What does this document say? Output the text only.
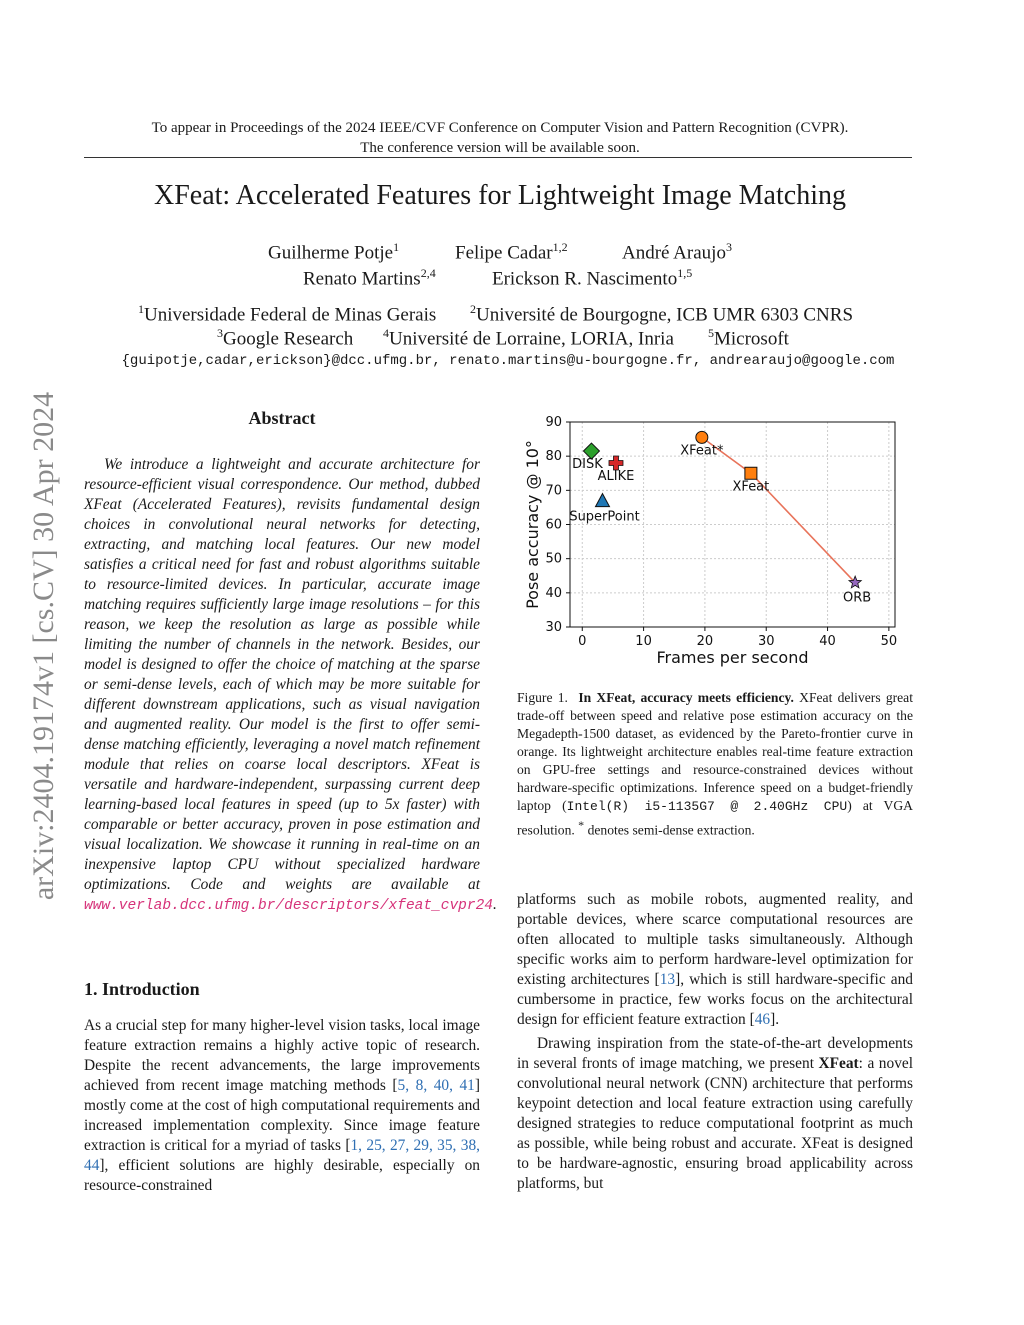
To appear in Proceedings of the 2024 IEEE/CVF Conference on Computer Vision and Pattern Recognition (CVPR).
The conference version will be available soon.
XFeat: Accelerated Features for Lightweight Image Matching
Guilherme Potje$^1$	Felipe Cadar$^{1,2}$	André Araujo$^3$
Renato Martins$^{2,4}$	Erickson R. Nascimento$^{1,5}$
$^1$Universidade Federal de Minas Gerais	$^2$Université de Bourgogne, ICB UMR 6303 CNRS
$^3$Google Research $^4$Université de Lorraine, LORIA, Inria	$^5$Microsoft
{guipotje,cadar,erickson}@dcc.ufmg.br, renato.martins@u-bourgogne.fr, andrearaujo@google.com
arXiv:2404.19174v1 [cs.CV] 30 Apr 2024	Abstract
We introduce a lightweight and accurate architecture for resource-efficient visual correspondence. Our method, dubbed XFeat (Accelerated Features), revisits fundamental design choices in convolutional neural networks for detecting, extracting, and matching local features. Our new model satisfies a critical need for fast and robust algorithms suitable to resource-limited devices. In particular, accurate image matching requires sufficiently large image resolutions – for this reason, we keep the resolution as large as possible while limiting the number of channels in the network. Besides, our model is designed to offer the choice of matching at the sparse or semi-dense levels, each of which may be more suitable for different downstream applications, such as visual navigation and augmented reality. Our model is the first to offer semi-dense matching efficiently, leveraging a novel match refinement module that relies on coarse local descriptors. XFeat is versatile and hardware-independent, surpassing current deep learning-based local features in speed (up to 5x faster) with comparable or better accuracy, proven in pose estimation and visual localization. We showcase it running in real-time on an inexpensive laptop CPU without specialized hardware optimizations. Code and weights are available at www.verlab.dcc.ufmg.br/descriptors/xfeat_cvpr24.
1. Introduction
As a crucial step for many higher-level vision tasks, local image feature extraction remains a highly active topic of research. Despite the recent advancements, the large improvements achieved from recent image matching methods [5, 8, 40, 41] mostly come at the cost of high computational requirements and increased implementation complexity. Since image feature extraction is critical for a myriad of tasks [1, 25, 27, 29, 35, 38, 44], efficient solutions are highly desirable, especially on resource-constrained
0	10	20	30	40	50
30
40
50
60
70
80
90
Frames per second
Pose accuracy @ 10° DISK
ALIKE
SuperPoint
XFeat*
XFeat
ORB
Figure 1. In XFeat, accuracy meets efficiency. XFeat delivers great trade-off between speed and relative pose estimation accuracy on the Megadepth-1500 dataset, as evidenced by the Pareto-frontier curve in orange. Its lightweight architecture enables real-time feature extraction on GPU-free settings and resource-constrained devices without hardware-specific optimizations. Inference speed on a budget-friendly laptop (Intel(R) i5-1135G7 @ 2.40GHz CPU) at VGA resolution. * denotes semi-dense extraction.
platforms such as mobile robots, augmented reality, and portable devices, where scarce computational resources are often allocated to multiple tasks simultaneously. Although specific works aim to perform hardware-level optimization for existing architectures [13], which is still hardware-specific and cumbersome in practice, few works focus on the architectural design for efficient feature extraction [46].
Drawing inspiration from the state-of-the-art developments in several fronts of image matching, we present XFeat: a novel convolutional neural network (CNN) architecture that performs keypoint detection and local feature extraction using carefully designed strategies to reduce computational footprint as much as possible, while being robust and accurate. XFeat is designed to be hardware-agnostic, ensuring broad applicability across platforms, but
